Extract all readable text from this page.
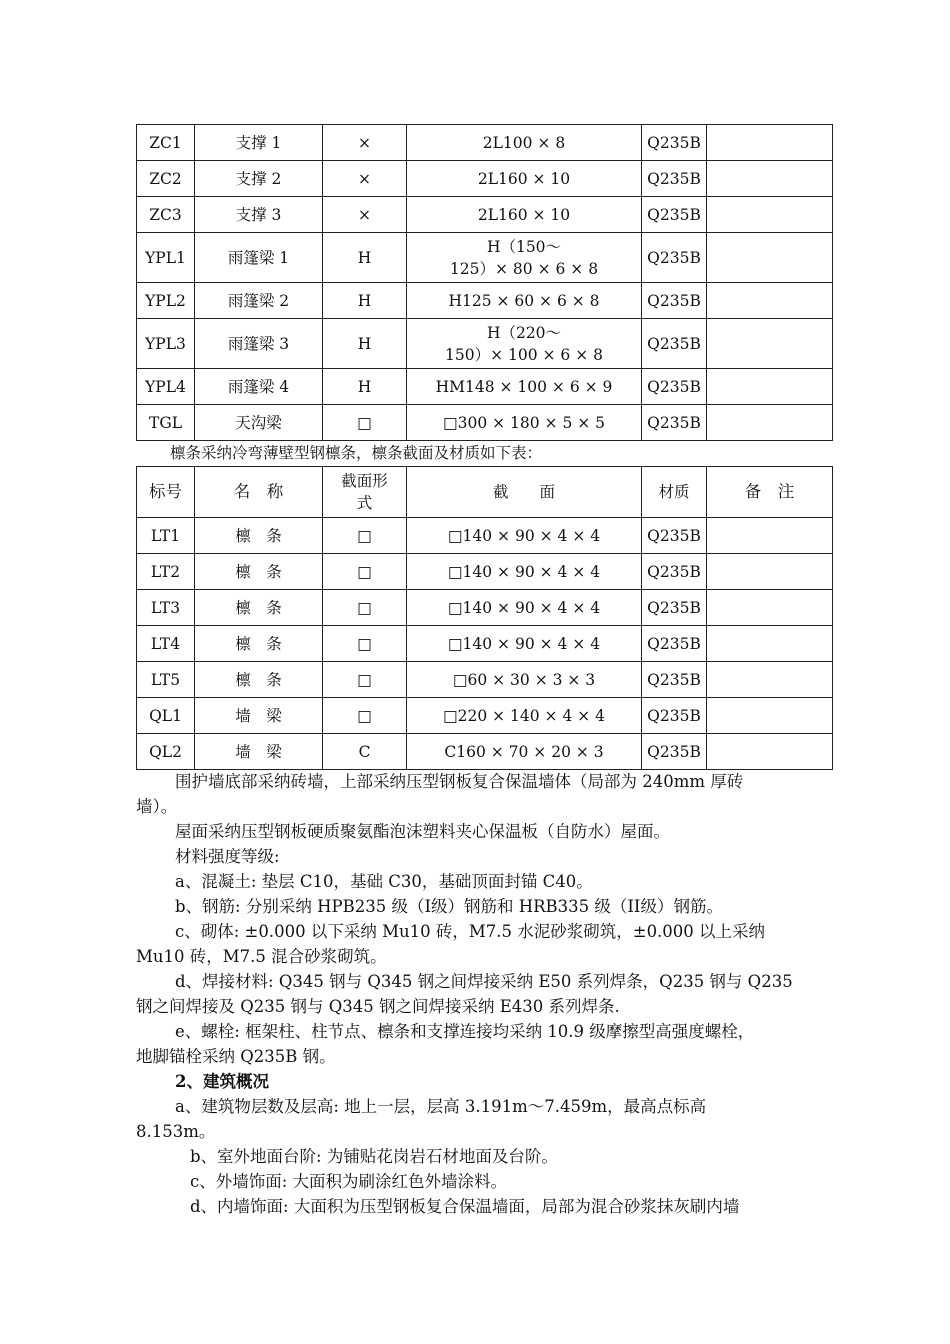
ZC1	支撑 1	×	2L100 × 8	Q235B	
ZC2	支撑 2	×	2L160 × 10	Q235B	
ZC3	支撑 3	×	2L160 × 10	Q235B	
YPL1	雨篷梁 1	H	H（150～
125）× 80 × 6 × 8	Q235B	
YPL2	雨篷梁 2	H	H125 × 60 × 6 × 8	Q235B	
YPL3	雨篷梁 3	H	H（220～
150）× 100 × 6 × 8	Q235B	
YPL4	雨篷梁 4	H	HM148 × 100 × 6 × 9	Q235B	
TGL	天沟梁	□	□300 × 180 × 5 × 5	Q235B	
檩条采纳冷弯薄壁型钢檩条，檩条截面及材质如下表：
标号	名　称	截面形
式	截　　面	材质	备　注
LT1	檩　条	□	□140 × 90 × 4 × 4	Q235B	
LT2	檩　条	□	□140 × 90 × 4 × 4	Q235B	
LT3	檩　条	□	□140 × 90 × 4 × 4	Q235B	
LT4	檩　条	□	□140 × 90 × 4 × 4	Q235B	
LT5	檩　条	□	□60 × 30 × 3 × 3	Q235B	
QL1	墙　梁	□	□220 × 140 × 4 × 4	Q235B	
QL2	墙　梁	C	C160 × 70 × 20 × 3	Q235B	
围护墙底部采纳砖墙，上部采纳压型钢板复合保温墙体（局部为 240mm 厚砖
墙）。
屋面采纳压型钢板硬质聚氨酯泡沫塑料夹心保温板（自防水）屋面。
材料强度等级:
a、混凝土: 垫层 C10，基础 C30，基础顶面封锚 C40。
b、钢筋: 分别采纳 HPB235 级（I级）钢筋和 HRB335 级（II级）钢筋。
c、砌体: ±0.000 以下采纳 Mu10 砖，M7.5 水泥砂浆砌筑，±0.000 以上采纳
Mu10 砖，M7.5 混合砂浆砌筑。
d、焊接材料: Q345 钢与 Q345 钢之间焊接采纳 E50 系列焊条，Q235 钢与 Q235
钢之间焊接及 Q235 钢与 Q345 钢之间焊接采纳 E430 系列焊条.
e、螺栓: 框架柱、柱节点、檩条和支撑连接均采纳 10.9 级摩擦型高强度螺栓，
地脚锚栓采纳 Q235B 钢。
2、建筑概况
a、建筑物层数及层高: 地上一层，层高 3.191m～7.459m，最高点标高
8.153m。
b、室外地面台阶: 为铺贴花岗岩石材地面及台阶。
c、外墙饰面: 大面积为刷涂红色外墙涂料。
d、内墙饰面: 大面积为压型钢板复合保温墙面，局部为混合砂浆抹灰刷内墙
